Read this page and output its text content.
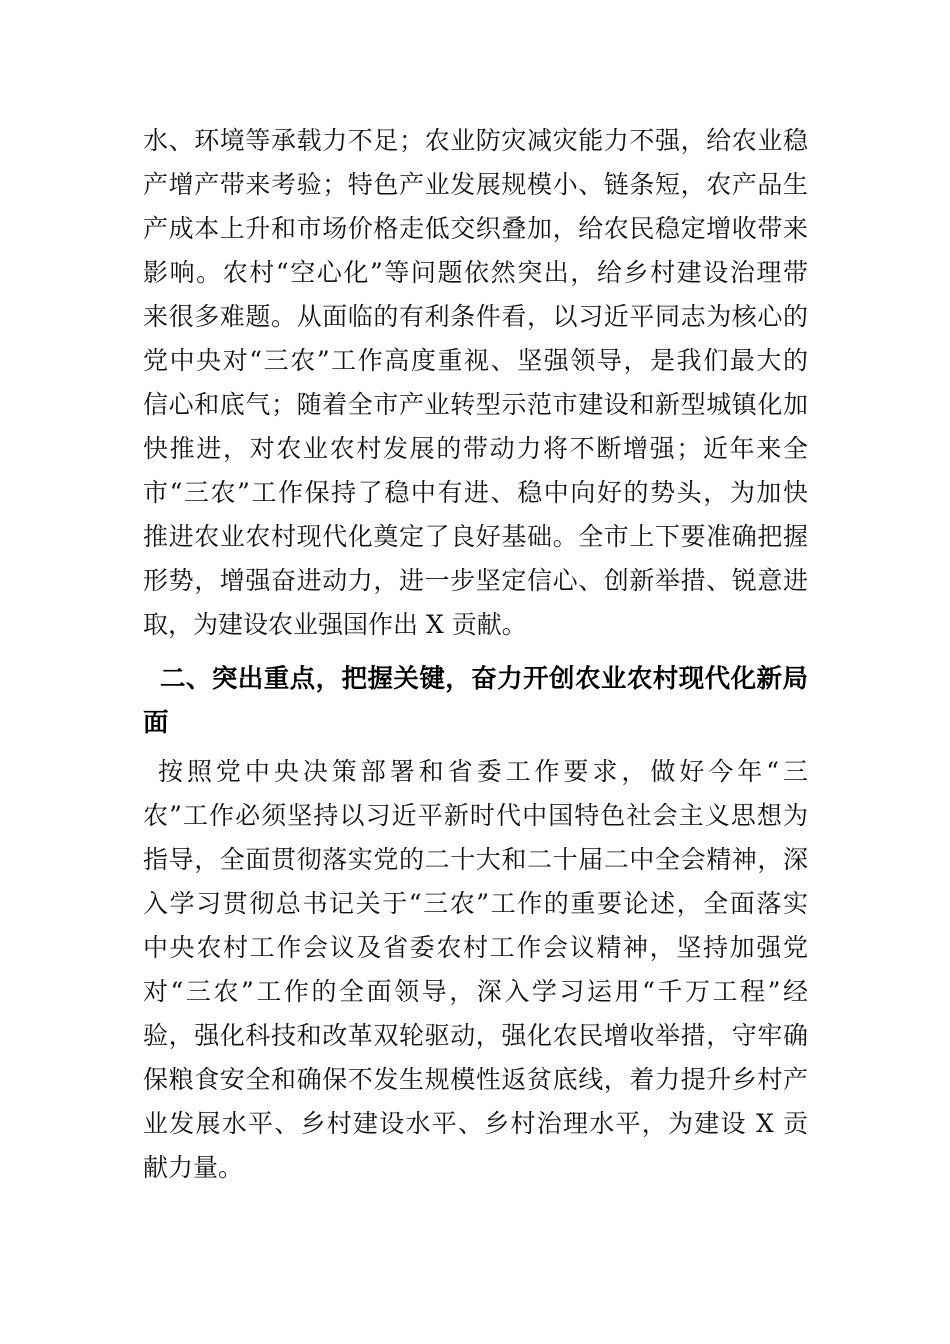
水、环境等承载力不足；农业防灾减灾能力不强，给农业稳
产增产带来考验；特色产业发展规模小、链条短，农产品生
产成本上升和市场价格走低交织叠加，给农民稳定增收带来
影响。农村“空心化”等问题依然突出，给乡村建设治理带
来很多难题。从面临的有利条件看，以习近平同志为核心的
党中央对“三农”工作高度重视、坚强领导，是我们最大的
信心和底气；随着全市产业转型示范市建设和新型城镇化加
快推进，对农业农村发展的带动力将不断增强；近年来全
市“三农”工作保持了稳中有进、稳中向好的势头，为加快
推进农业农村现代化奠定了良好基础。全市上下要准确把握
形势，增强奋进动力，进一步坚定信心、创新举措、锐意进
取，为建设农业强国作出 X 贡献。
二、突出重点，把握关键，奋力开创农业农村现代化新局
面
按照党中央决策部署和省委工作要求，做好今年“三
农”工作必须坚持以习近平新时代中国特色社会主义思想为
指导，全面贯彻落实党的二十大和二十届二中全会精神，深
入学习贯彻总书记关于“三农”工作的重要论述，全面落实
中央农村工作会议及省委农村工作会议精神，坚持加强党
对“三农”工作的全面领导，深入学习运用“千万工程”经
验，强化科技和改革双轮驱动，强化农民增收举措，守牢确
保粮食安全和确保不发生规模性返贫底线，着力提升乡村产
业发展水平、乡村建设水平、乡村治理水平，为建设 X 贡
献力量。
